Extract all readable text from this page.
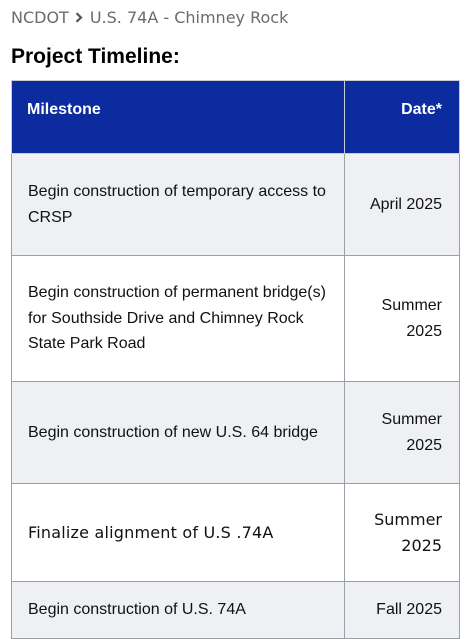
NCDOT U.S. 74A - Chimney Rock
Project Timeline:
Milestone	Date*
Begin construction of temporary access to CRSP	April 2025
Begin construction of permanent bridge(s) for Southside Drive and Chimney Rock State Park Road	Summer 2025
Begin construction of new U.S. 64 bridge	Summer 2025
Finalize alignment of U.S .74A	Summer 2025
Begin construction of U.S. 74A	Fall 2025
